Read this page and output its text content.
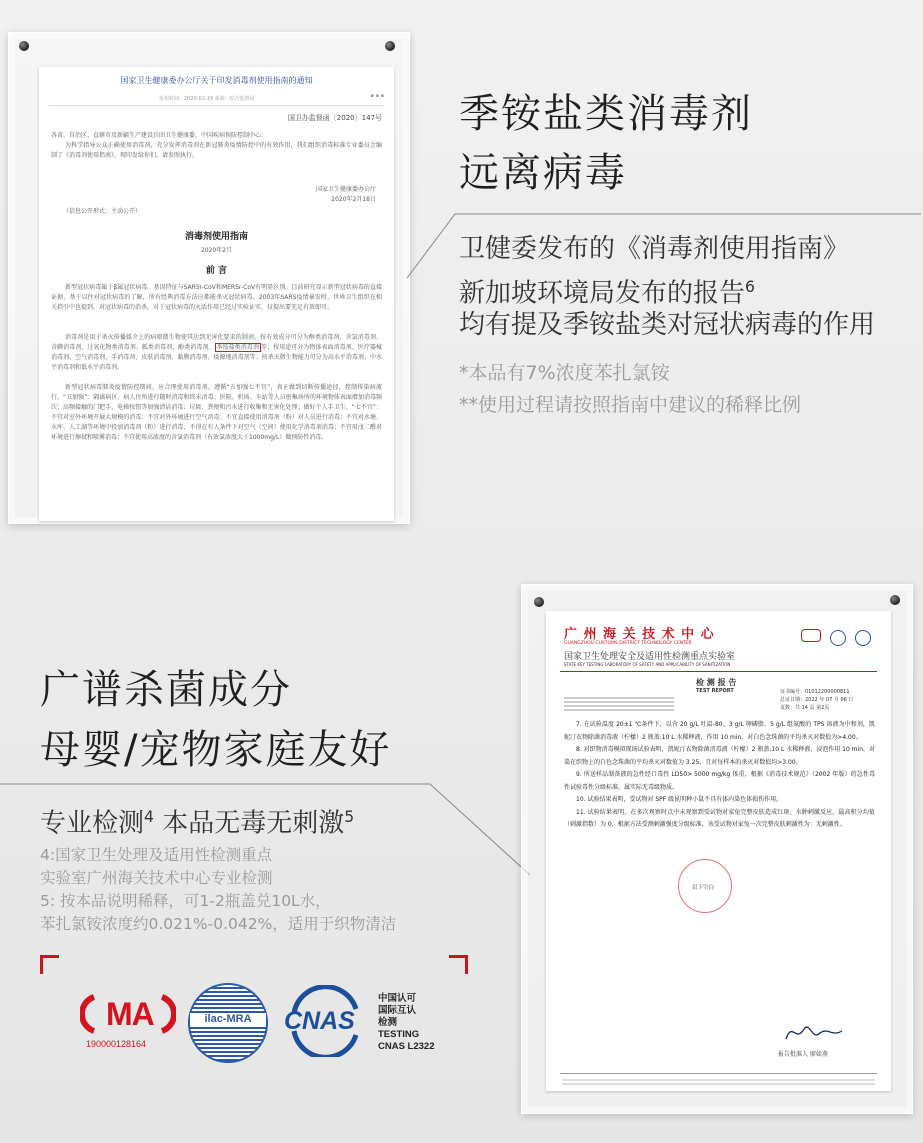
国家卫生健康委办公厅关于印发消毒剂使用指南的通知
▪ ▪ ▪
发布时间：2020-02-19 来源：综合监督局
国卫办监督函〔2020〕147号
各省、自治区、直辖市及新疆生产建设兵团卫生健康委，中国疾病预防控制中心：
为科学指导公众正确使用消毒剂，充分发挥消毒剂在新冠肺炎疫情防控中的有效作用，我们组织消毒标准专业委员会编制了《消毒剂使用指南》，现印发给你们，请参照执行。
国家卫生健康委办公厅
2020年2月18日
（信息公开形式：主动公开）
消毒剂使用指南
2020年2月
前 言
新型冠状病毒属于β属冠状病毒。基因特征与SARSr-CoV和MERSr-CoV有明显区别。目前研究显示新型冠状病毒的直接证据，基于以往对冠状病毒的了解，所有经典消毒方法应都能杀灭冠状病毒。2003年SARS疫情暴发时，世界卫生组织在相关指引中也提到，对冠状病毒的消杀，对于冠状病毒的灭活作用已经过实验证实，仅提出要充足有效即可。
消毒剂是用于杀灭传播媒介上的病原微生物使其达到无害化要求的制剂。按有效成分可分为醇类消毒剂、含氯消毒剂、含碘消毒剂、过氧化物类消毒剂、胍类消毒剂、酚类消毒剂、 季铵盐类消毒剂 等；按用途可分为物体表面消毒剂、医疗器械消毒剂、空气消毒剂、手消毒剂、皮肤消毒剂、黏膜消毒剂、疫源地消毒剂等；按杀灭微生物能力可分为高水平消毒剂、中水平消毒剂和低水平消毒剂。
新型冠状病毒肺炎疫情防控期间，应合理使用消毒剂，遵循“五加强七不宜”，真正做到切断传播途径，控制传染病流行。“五加强”：隔离病区、病人住所进行随时消毒和终末消毒；医院、机场、车站等人员密集场所的环境物体表面增加消毒频次；高频接触的门把手、电梯按钮等加强清洁消毒；垃圾、粪便和污水进行收集和无害化处理；做好个人手卫生。“七不宜”：不宜对室外环境开展大规模的消毒；不宜对外环境进行空气消毒；不宜直接使用消毒剂（粉）对人员进行消毒；不宜对水塘、水库、人工湖等环境中投加消毒剂（粉）进行消毒；不得在有人条件下对空气（空间）使用化学消毒剂消毒；不宜用戊二醛对环境进行擦拭和喷雾消毒；不宜使用高浓度的含氯消毒剂（有效氯浓度大于1000mg/L）做预防性消毒。
季铵盐类消毒剂
远离病毒
卫健委发布的《消毒剂使用指南》
新加坡环境局发布的报告$^6$
均有提及季铵盐类对冠状病毒的作用
*本品有7%浓度苯扎氯铵
**使用过程请按照指南中建议的稀释比例
广谱杀菌成分
母婴/宠物家庭友好
专业检测$^4$ 本品无毒无刺激$^5$
4:国家卫生处理及适用性检测重点
实验室广州海关技术中心专业检测
5: 按本品说明稀释，可1-2瓶盖兑10L水，
苯扎氯铵浓度约0.021%-0.042%，适用于织物清洁
MA
190000128164
ilac-MRA	CNAS
中国认可
国际互认
检测
TESTING
CNAS L2322
广 州 海 关 技 术 中 心
GUANGZHOU CUSTOMS DISTRICT TECHNOLOGY CENTER
国家卫生处理安全及适用性检测重点实验室
STATE KEY TESTING LABORATORY OF SAFETY AND APPLICABILITY OF SANITIZATION

检 测 报 告
TEST REPORT	证书编号：01012200000811
总证日期：2022 年 07 月 06 日
页数：共 14 页 第2页
7. 在试验温度 20±1 ℃条件下，以含 20 g/L 吐温-80、3 g/L 卵磷脂、5 g/L 组氨酸的 TPS 溶液为中和剂，凯妮汀衣物除菌消毒液（柠檬）2 瓶盖:10 L 水稀释液，作用 10 min，对白色念珠菌的平均杀灭对数值为>4.00。
8. 对织物消毒模拟现场试验表明，凯妮汀衣物除菌消毒液（柠檬）2 瓶盖:10 L 水稀释液，浸泡作用 10 min，对染在织物上的白色念珠菌的平均杀灭对数值为 3.25，且对每样本的杀灭对数值均>3.00。
9. 所送样品制备液的急性经口毒性 LD50> 5000 mg/kg 体重，根据《消毒技术规范》（2002 年版）的急性毒性试验毒性分级标准，属实际无毒级物质。
10. 试验结果表明，受试物对 SPF 级昆明种小鼠不具有体内染色体损伤作用。
11. 试验结果表明，在多次观察时点中未观察到受试物对家兔完整皮肤造成红斑、水肿刺激反应，最高积分均值（刺激指数）为 0，根据方法受测刺激强度分级标准，该受试物对家兔一次完整皮肤刺激性为：无刺激性。
以下空白
报告批准人 廖如燕
